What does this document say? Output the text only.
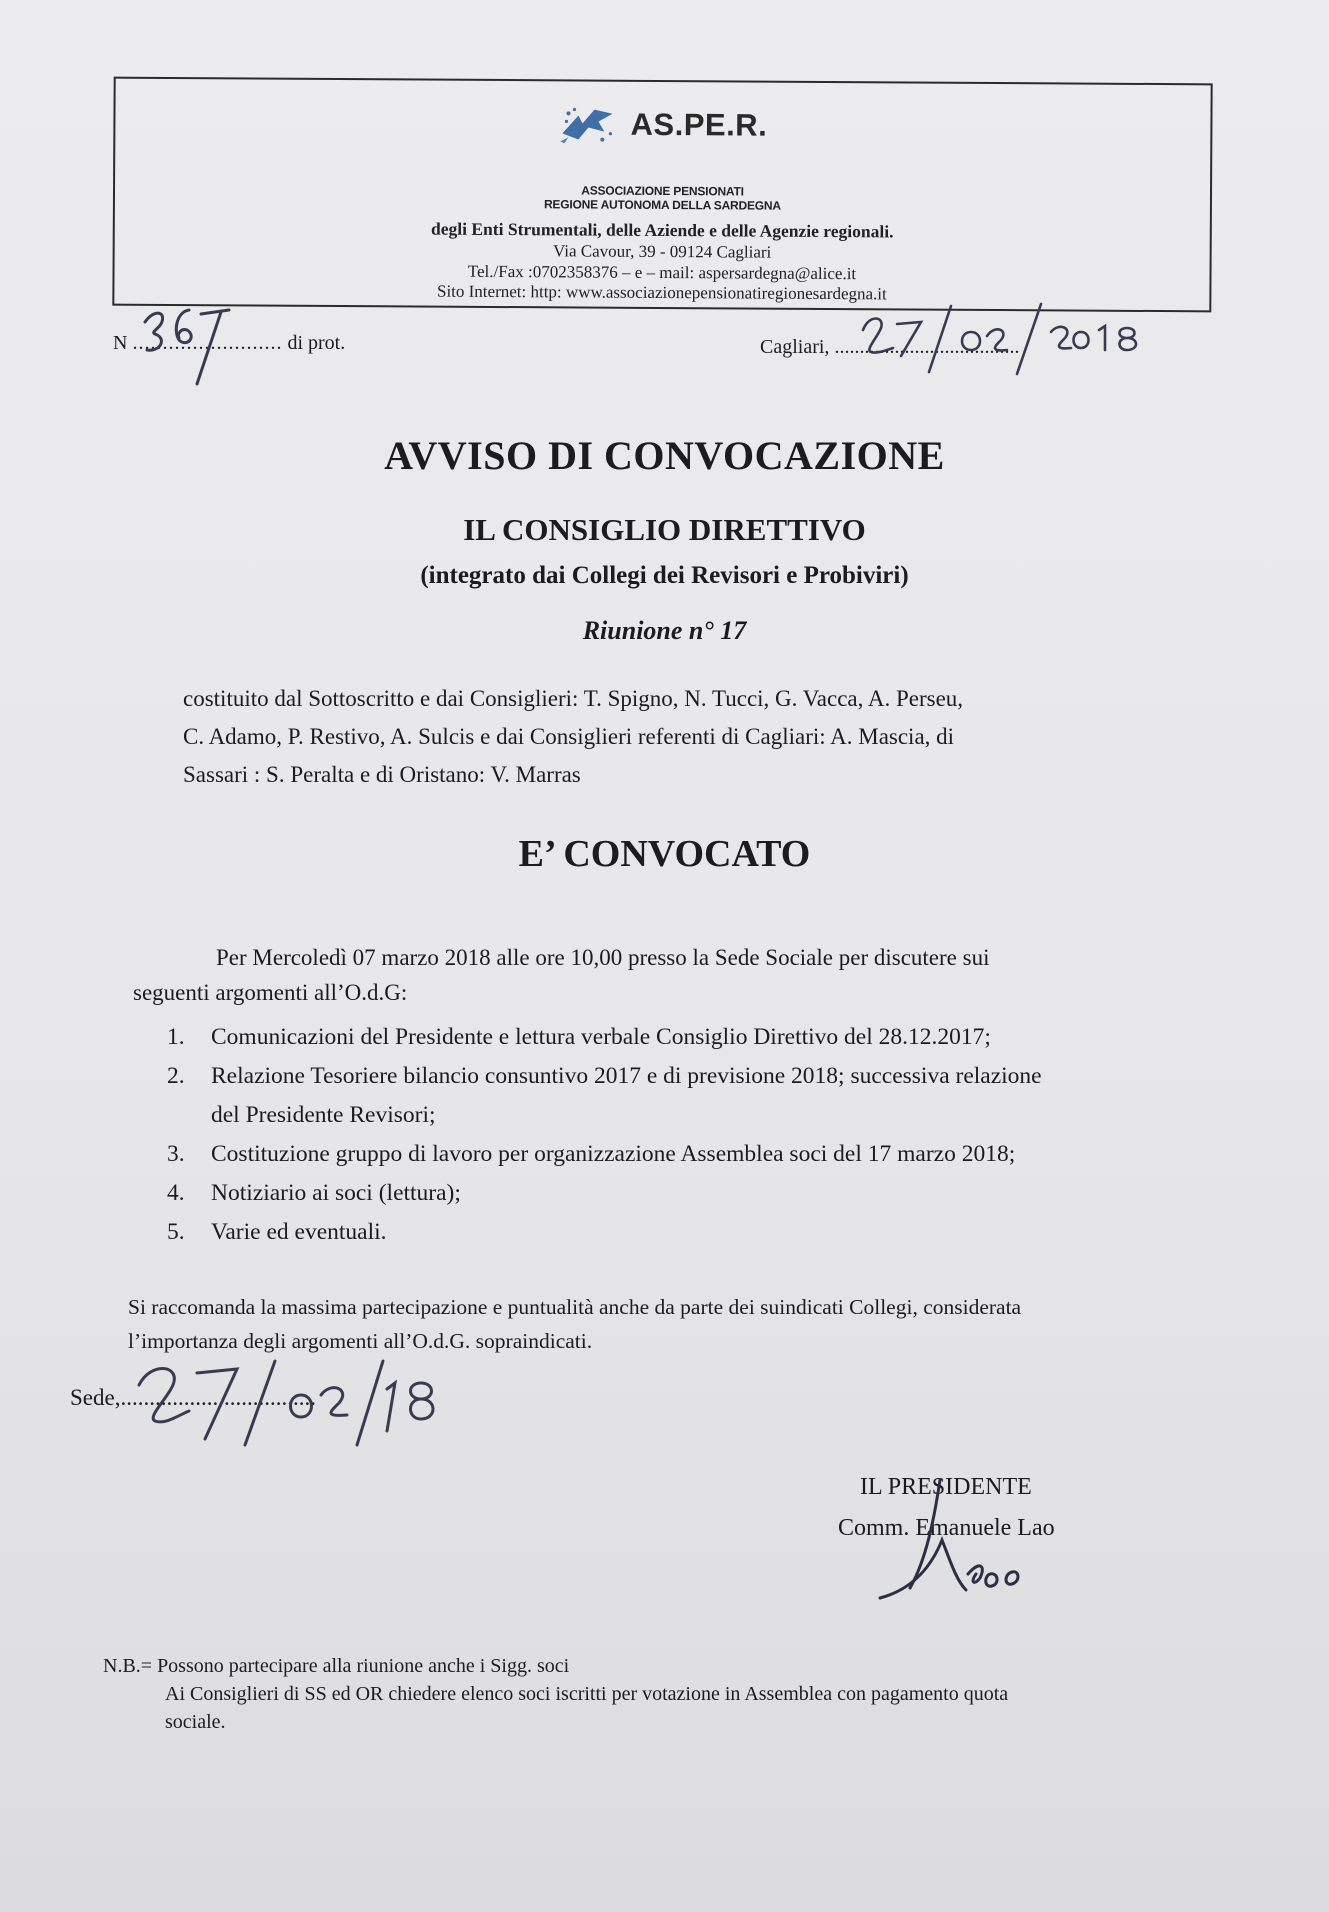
AS.PE.R.
ASSOCIAZIONE PENSIONATI
REGIONE AUTONOMA DELLA SARDEGNA
degli Enti Strumentali, delle Aziende e delle Agenzie regionali.
Via Cavour, 39 - 09124 Cagliari
Tel./Fax :0702358376 – e – mail: aspersardegna@alice.it
Sito Internet: http: www.associazionepensionatiregionesardegna.it
N ......................... di prot.	Cagliari, .....................................
AVVISO DI CONVOCAZIONE
IL CONSIGLIO DIRETTIVO
(integrato dai Collegi dei Revisori e Probiviri)
Riunione n° 17

costituito dal Sottoscritto e dai Consiglieri: T. Spigno, N. Tucci, G. Vacca, A. Perseu,

C. Adamo, P. Restivo, A. Sulcis e dai Consiglieri referenti di Cagliari: A. Mascia, di

Sassari : S. Peralta e di Oristano: V. Marras

E’ CONVOCATO

Per Mercoledì 07 marzo 2018 alle ore 10,00 presso la Sede Sociale per discutere sui

seguenti argomenti all’O.d.G:

1. Comunicazioni del Presidente e lettura verbale Consiglio Direttivo del 28.12.2017;
2. Relazione Tesoriere bilancio consuntivo 2017 e di previsione 2018; successiva relazione
del Presidente Revisori;
3. Costituzione gruppo di lavoro per organizzazione Assemblea soci del 17 marzo 2018;
4. Notiziario ai soci (lettura);
5. Varie ed eventuali.

Si raccomanda la massima partecipazione e puntualità anche da parte dei suindicati Collegi, considerata

l’importanza degli argomenti all’O.d.G. sopraindicati.

Sede,..................................

IL PRESIDENTE

Comm. Emanuele Lao

N.B.= Possono partecipare alla riunione anche i Sigg. soci

Ai Consiglieri di SS ed OR chiedere elenco soci iscritti per votazione in Assemblea con pagamento quota

sociale.
